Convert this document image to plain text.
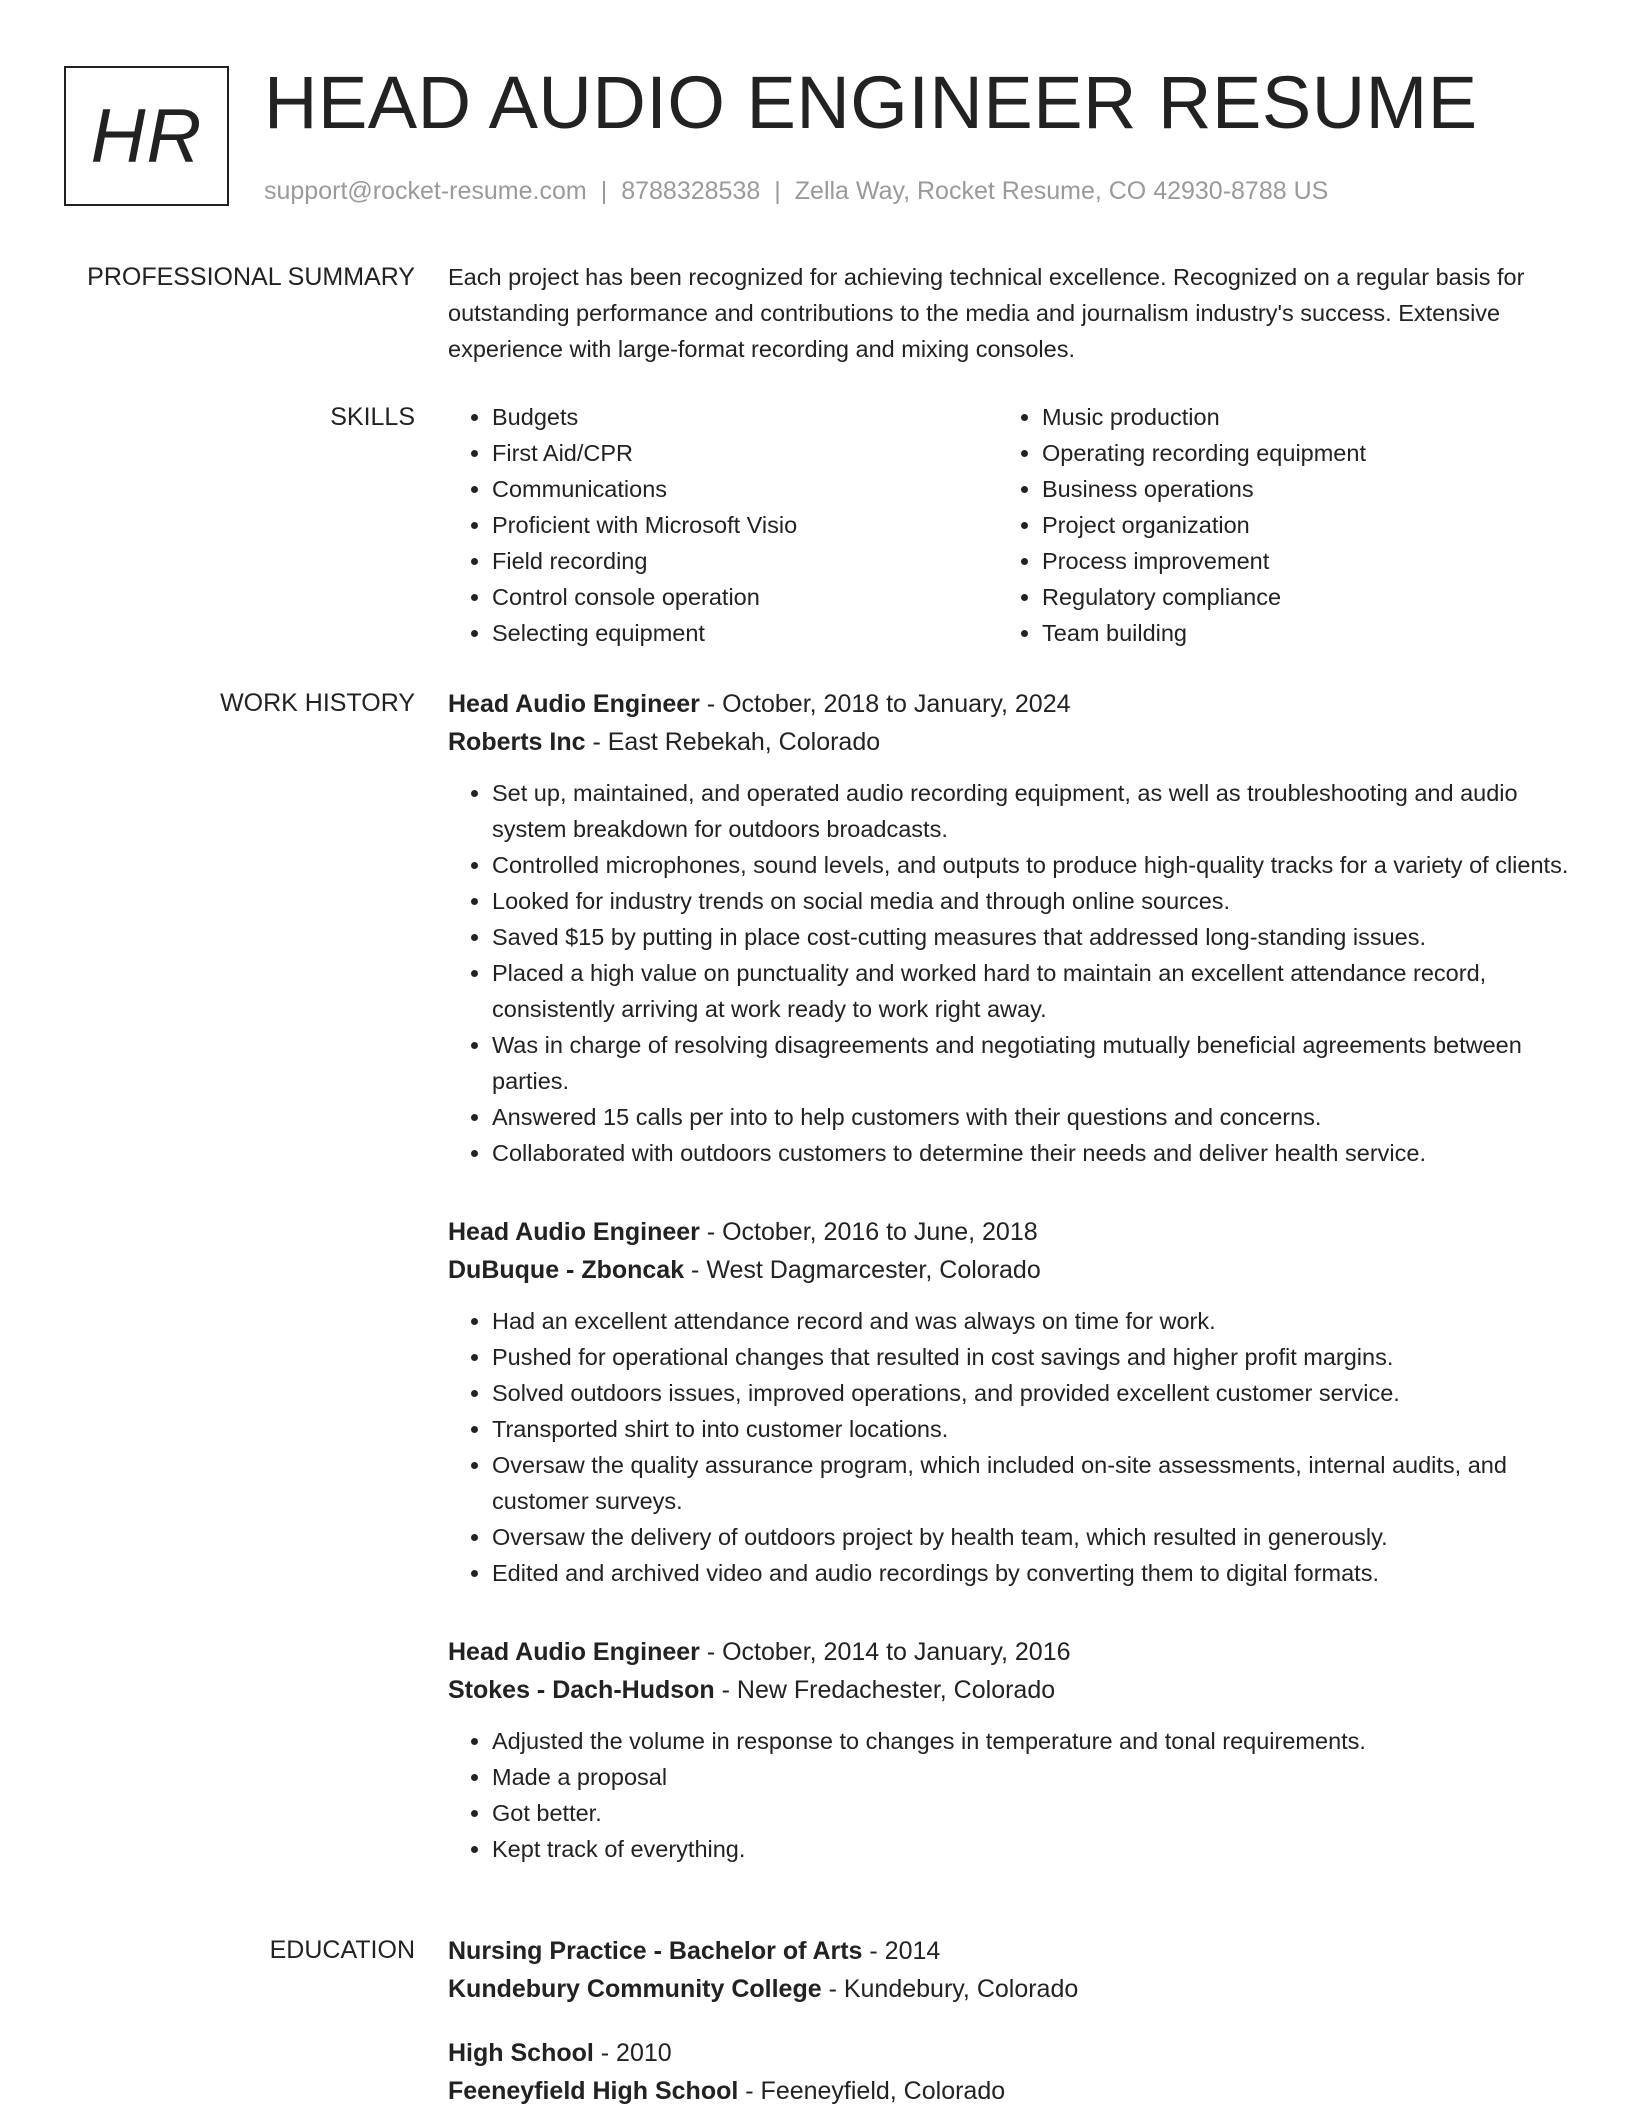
HR HEAD AUDIO ENGINEER RESUME
support@rocket-resume.com | 8788328538 | Zella Way, Rocket Resume, CO 42930-8788 US
PROFESSIONAL SUMMARY Each project has been recognized for achieving technical excellence. Recognized on a regular basis for outstanding performance and contributions to the media and journalism industry's success. Extensive experience with large-format recording and mixing consoles.

SKILLS
•	Budgets
• First Aid/CPR
• Communications
• Proficient with Microsoft Visio
• Field recording
• Control console operation
• Selecting equipment
• Music production
• Operating recording equipment
• Business operations
• Project organization
• Process improvement
• Regulatory compliance
• Team building
WORK HISTORY Head Audio Engineer - October, 2018 to January, 2024
Roberts Inc - East Rebekah, Colorado
• Set up, maintained, and operated audio recording equipment, as well as troubleshooting and audio system breakdown for outdoors broadcasts.
• Controlled microphones, sound levels, and outputs to produce high-quality tracks for a variety of clients.
• Looked for industry trends on social media and through online sources.
• Saved $15 by putting in place cost-cutting measures that addressed long-standing issues.
• Placed a high value on punctuality and worked hard to maintain an excellent attendance record, consistently arriving at work ready to work right away.
• Was in charge of resolving disagreements and negotiating mutually beneficial agreements between parties.
• Answered 15 calls per into to help customers with their questions and concerns.
• Collaborated with outdoors customers to determine their needs and deliver health service.
Head Audio Engineer - October, 2016 to June, 2018
DuBuque - Zboncak - West Dagmarcester, Colorado
• Had an excellent attendance record and was always on time for work.
• Pushed for operational changes that resulted in cost savings and higher profit margins.
• Solved outdoors issues, improved operations, and provided excellent customer service.
• Transported shirt to into customer locations.
• Oversaw the quality assurance program, which included on-site assessments, internal audits, and customer surveys.
• Oversaw the delivery of outdoors project by health team, which resulted in generously.
• Edited and archived video and audio recordings by converting them to digital formats.
Head Audio Engineer - October, 2014 to January, 2016
Stokes - Dach-Hudson - New Fredachester, Colorado
• Adjusted the volume in response to changes in temperature and tonal requirements.
• Made a proposal
• Got better.
• Kept track of everything.
EDUCATION Nursing Practice - Bachelor of Arts - 2014
Kundebury Community College - Kundebury, Colorado
High School - 2010
Feeneyfield High School - Feeneyfield, Colorado
